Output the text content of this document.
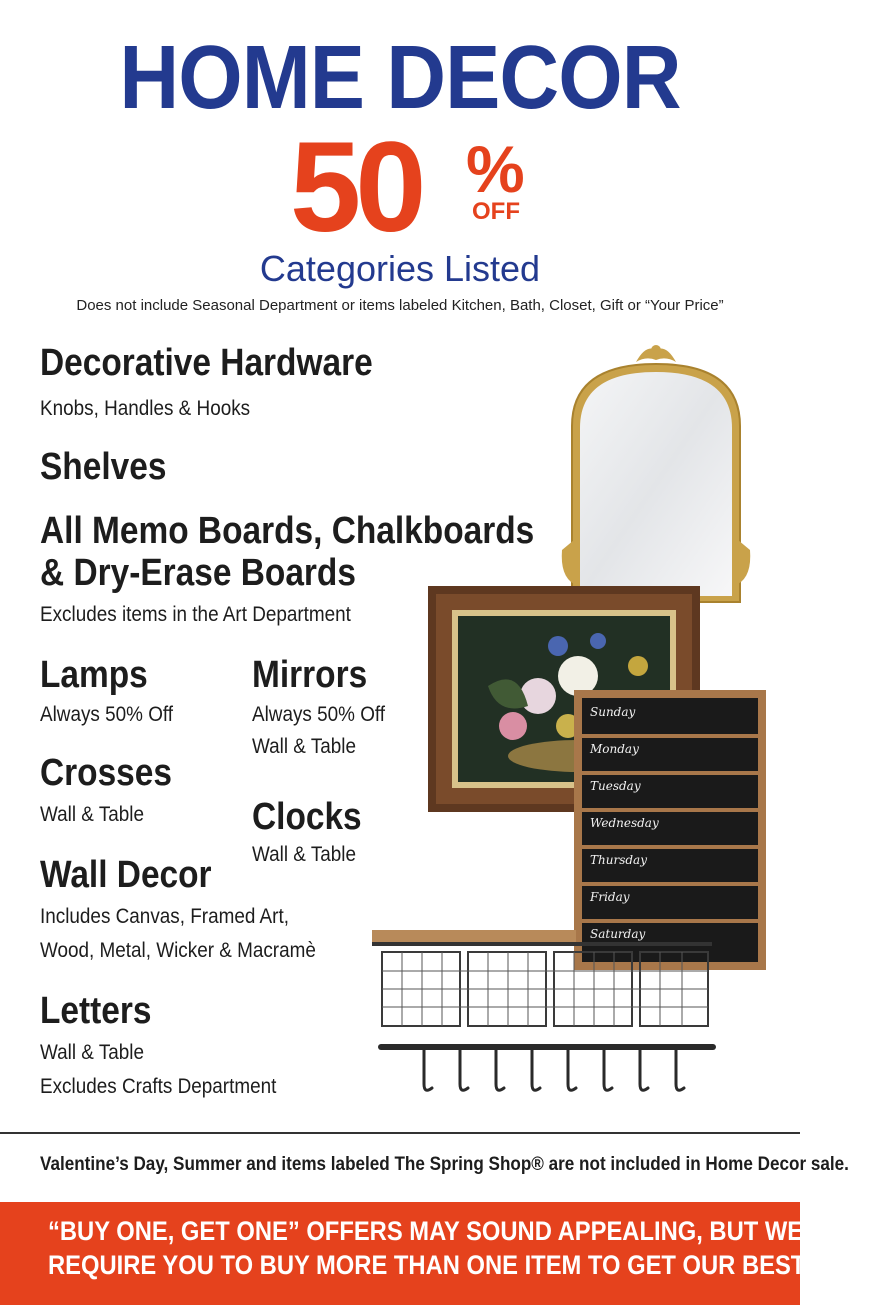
HOME DECOR
50 %
OFF
Categories Listed
Does not include Seasonal Department or items labeled Kitchen, Bath, Closet, Gift or “Your Price”
Decorative Hardware
Knobs, Handles & Hooks
Shelves
All Memo Boards, Chalkboards
& Dry-Erase Boards
Excludes items in the Art Department
Lamps
Always 50% Off
Mirrors
Always 50% Off
Wall & Table
Crosses
Wall & Table	Clocks
Wall & Table
Wall Decor
Includes Canvas, Framed Art,
Wood, Metal, Wicker & Macramè
Letters
Wall & Table
Excludes Crafts Department
Sunday
Monday
Tuesday
Wednesday
Thursday
Friday
Saturday
Valentine’s Day, Summer and items labeled The Spring Shop® are not included in Home Decor sale.
“BUY ONE, GET ONE” OFFERS MAY SOUND APPEALING, BUT WE NEVER
REQUIRE YOU TO BUY MORE THAN ONE ITEM TO GET OUR BEST PRICE.
